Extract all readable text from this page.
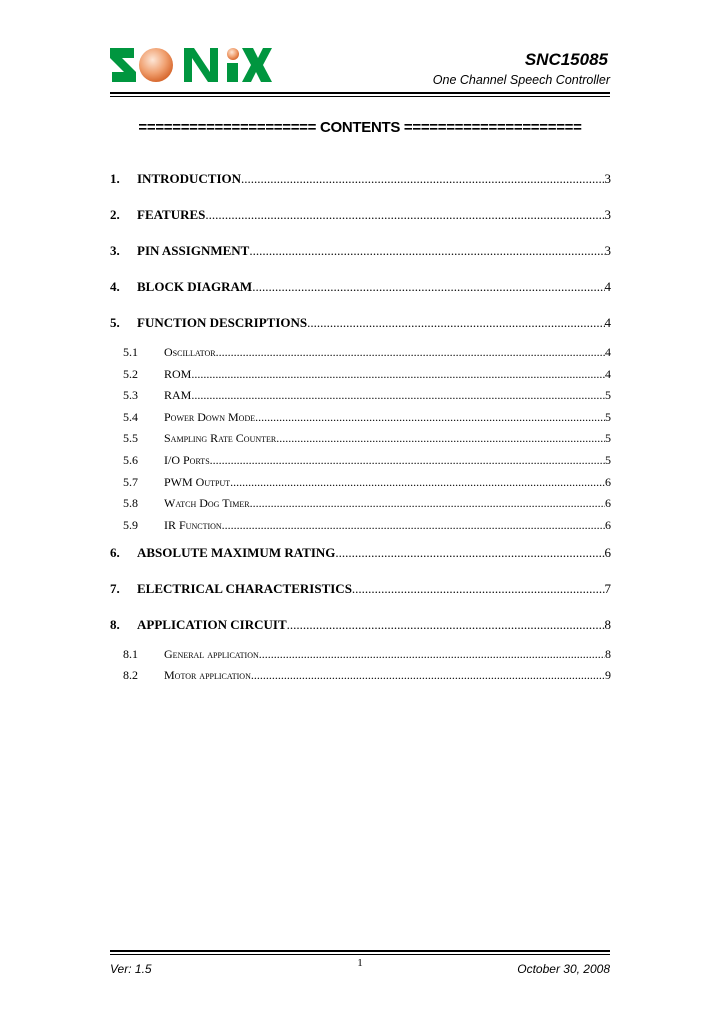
SNC15085
One Channel Speech Controller
===================== CONTENTS =====================
1.	INTRODUCTION .....	3
2.	FEATURES .....	3
3.	PIN ASSIGNMENT .....	3
4.	BLOCK DIAGRAM .....	4
5.	FUNCTION DESCRIPTIONS .....	4
5.1	Oscillator .....	4
5.2	ROM .....	4
5.3	RAM .....	5
5.4	Power Down Mode .....	5
5.5	Sampling Rate Counter .....	5
5.6	I/O Ports .....	5
5.7	PWM Output .....	6
5.8	Watch Dog Timer .....	6
5.9	IR Function .....	6
6.	ABSOLUTE MAXIMUM RATING .....	6
7.	ELECTRICAL CHARACTERISTICS .....	7
8.	APPLICATION CIRCUIT .....	8
8.1	General application .....	8
8.2	Motor application .....	9
Ver: 1.5	1	October 30, 2008
